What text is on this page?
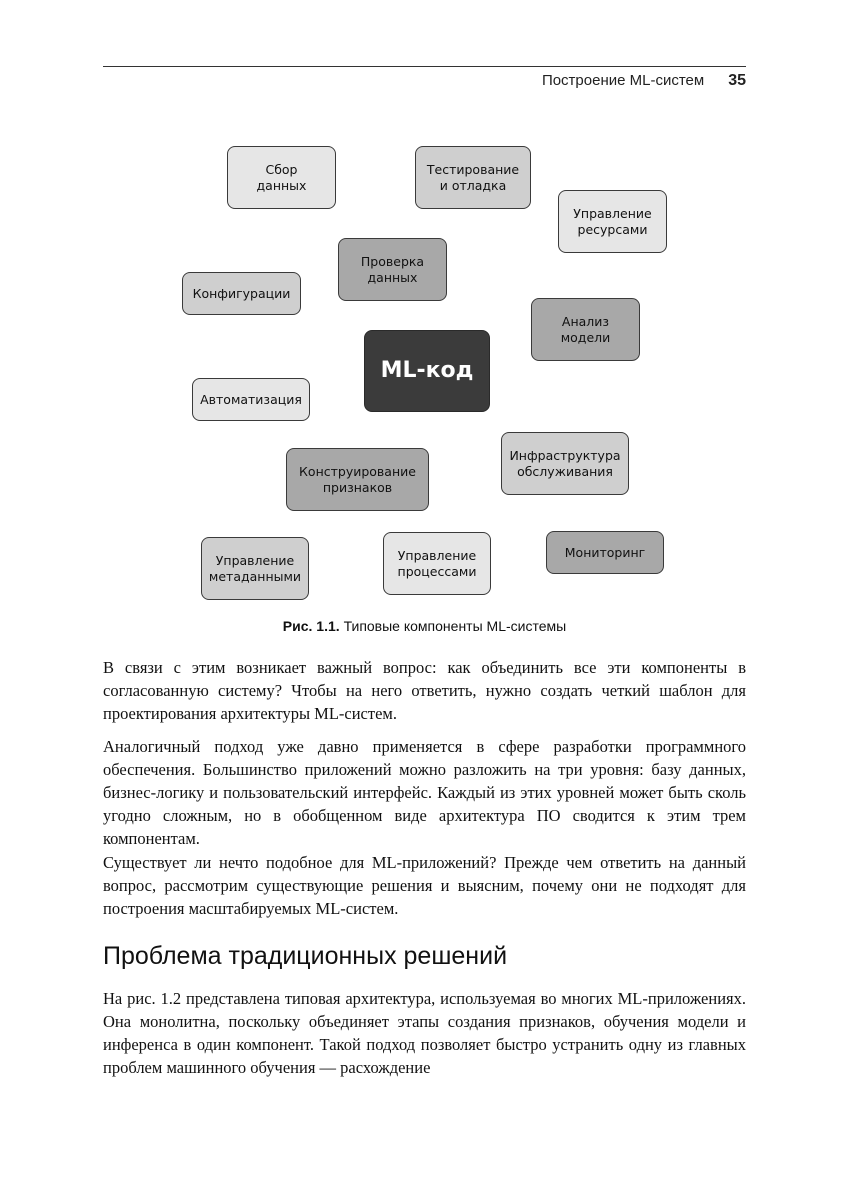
Построение ML-систем 35
Сбор
данных
Тестирование
и отладка
Управление
ресурсами
Проверка
данных
Конфигурации
Анализ
модели
ML-код
Автоматизация
Инфраструктура
обслуживания
Конструирование
признаков
Управление
метаданными
Управление
процессами
Мониторинг
Рис. 1.1. Типовые компоненты ML-системы

В связи с этим возникает важный вопрос: как объединить все эти компоненты в согласованную систему? Чтобы на него ответить, нужно создать четкий шаблон для проектирования архитектуры ML-систем.

Аналогичный подход уже давно применяется в сфере разработки программного обеспечения. Большинство приложений можно разложить на три уровня: базу данных, бизнес-логику и пользовательский интерфейс. Каждый из этих уровней может быть сколь угодно сложным, но в обобщенном виде архитектура ПО сводится к этим трем компонентам.

Существует ли нечто подобное для ML-приложений? Прежде чем ответить на данный вопрос, рассмотрим существующие решения и выясним, почему они не подходят для построения масштабируемых ML-систем.

Проблема традиционных решений

На рис. 1.2 представлена типовая архитектура, используемая во многих ML-приложениях. Она монолитна, поскольку объединяет этапы создания признаков, обучения модели и инференса в один компонент. Такой подход позволяет быстро устранить одну из главных проблем машинного обучения — расхождение
